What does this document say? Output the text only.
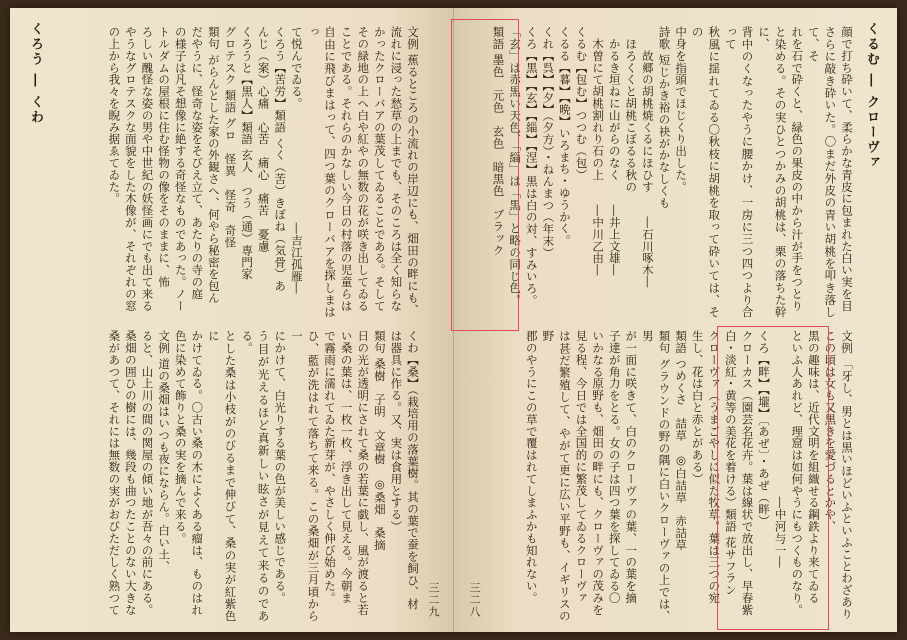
くろう ― くわ	文例 蕉るところの小流れの岸辺にも、畑田の畔にも、

流れに浸った愁草の上までも、そのころは全く知らな

かったクローバアの葉茂してゐることである。そして

その緑地の上へ白や紅やの無数の花が咲き出してゐる

ことである。それらのかなしい今日の村落の児童らは

自由に飛びまはって、四つ葉のクローバアを探しまはっ

て悦んでゐる。　　　　　　　　　　―吉江孤雁―

くろう【苦労】類語 くく（苦）きぼね（気骨）あ

んじ（案）心痛　心苦　痛心　痛苦　憂慮

くろうと【黒人】類語 玄人　つう（通）専門家

グロテスク 類語 グロ　怪異　怪奇　奇怪

類句 がらんとした家の外観さへ、何やら秘密を包ん

だやうに、怪奇な姿をそびえ立て、あたりの寺の庭

の様子は凡そ想像に絶する奇怪なものであった。ノー

トルダムの屋根に住む怪物の像をそのままに、怖

ろしい醜怪な姿の男や中世紀の妖怪画にでも出て来る

やうなグロテスクな面貌をした木像が、それぞれの窓

の上から我々を睨み据ゑてゐた。

くわ【桑】（栽培用の落葉樹。其の葉で蚕を飼ひ、材

は器具に作る。又、実は食用とする）

類句 桑樹　子明　文章樹　◎桑畑　桑摘

日の光が透明にされて桑の若葉に戯し、風が渡ると若

い桑の葉は、一枚一枚、浮き出して見える。今朝ま

で霧雨に濡れてゐた新芽が、やさしく伸び始めた。

ひ、藍が洗はれて落ちて来る。この桑畑が三月頃から一

にかけて、白光りする葉の色が美しい感じである。

う目が光えるほど真新しい眩さが見えて来るのである。

とした桑は小枝がのびるまで伸びて、桑の実が紅紫色に

かけてゐる。〇古い桑の木によくある瘤は、ものはれ

色に染めて飾りと桑の実を摘んで来る。

文例 道の桑畑はいつも夜にならん。白い土、

ると、山上川の間の関屋の傾い地が吾々の前にある。

桑畑の囲ひの樹には、幾段も曲つたことのない大きな

桑があつて、それには無数の実がおびただしく熟つて	三二九
くるむ ― クローヴァ

顔で打ち砕いて、柔らかな青皮に包まれた白い実を目

さらに敲き砕いた。〇まだ外皮の青い胡桃を叩き落して、そ

れを石で砕くと、緑色の果皮の中から汁が手をつとり

と染める。その実ひとつかみの胡桃は、栗の落ちた幹に、

背中のくなったやうに腰かけ、一房に三つ四つより合って

秋風に揺れてゐる〇秋枝に胡桃を取って砕いては、その

中身を指頭でほじくり出した。

詩歌 短じかき裕の袂がかなしくも

　　故郷の胡桃焼くるにほひす　　―石川啄木―

　ほろくくと胡桃こぼるる秋の

　かるき垣ねに山がらのなく　　―井上文雄―

　木曽にて胡桃割れり石の上　　―中川乙由―

くるむ【包む】つつむ（包）

くるる【暮】【晩】いろまち・ゆうかく。

くれ【呉】【夕】（夕方）・ねんまつ（年末）

くろ【黒】【玄】【緇】【涅】黒は白の対、すみいろ。

「玄」は赤黒い天色、「緇」は「黒」と略の同じ色。

類語 墨色　元色　玄色　暗黒色　ブラック

文例 「牙し、男とは黒いほどいふといふことわざあり

この頃は女も又黒きを愛づるとかや、

黒の趣味は、近代文明を組織せる鋼鉄より来てゐる

といふ人あれど、理窟は如何やうにもつくものなり。

　　　　　　　　　　　　　　―中河与一―

くろ【畔】【壠】〔あぜ〕・あぜ（畔）

クローカス（園芸名花卉。葉は線状で放出し、早春紫

白・淡紅・黄等の美花を着ける）類語 花サフラン

クローヴァ（うまごやしに似た牧草。葉は三つの宛

生し、花は白と赤とがある）

類語 つめくさ　詰草　◎白詰草　赤詰草

類句 グラウンドの野の隅に白いクローヴァの上では、男

が一面に咲きて、白のクローヴァの葉、一の葉を摘

子達が角力をとる。女の子は四つ葉を探してゐる〇

いかなる原野も、畑田の畔にも、クローヴァの茂みを

見る程、今日では全国的に繁茂してゐるクローヴァ

は甚だ繁殖して、やがて更に広い平野も、イギリスの野

郡のやうにこの草で覆はれてしまふかも知れない。

三二八
